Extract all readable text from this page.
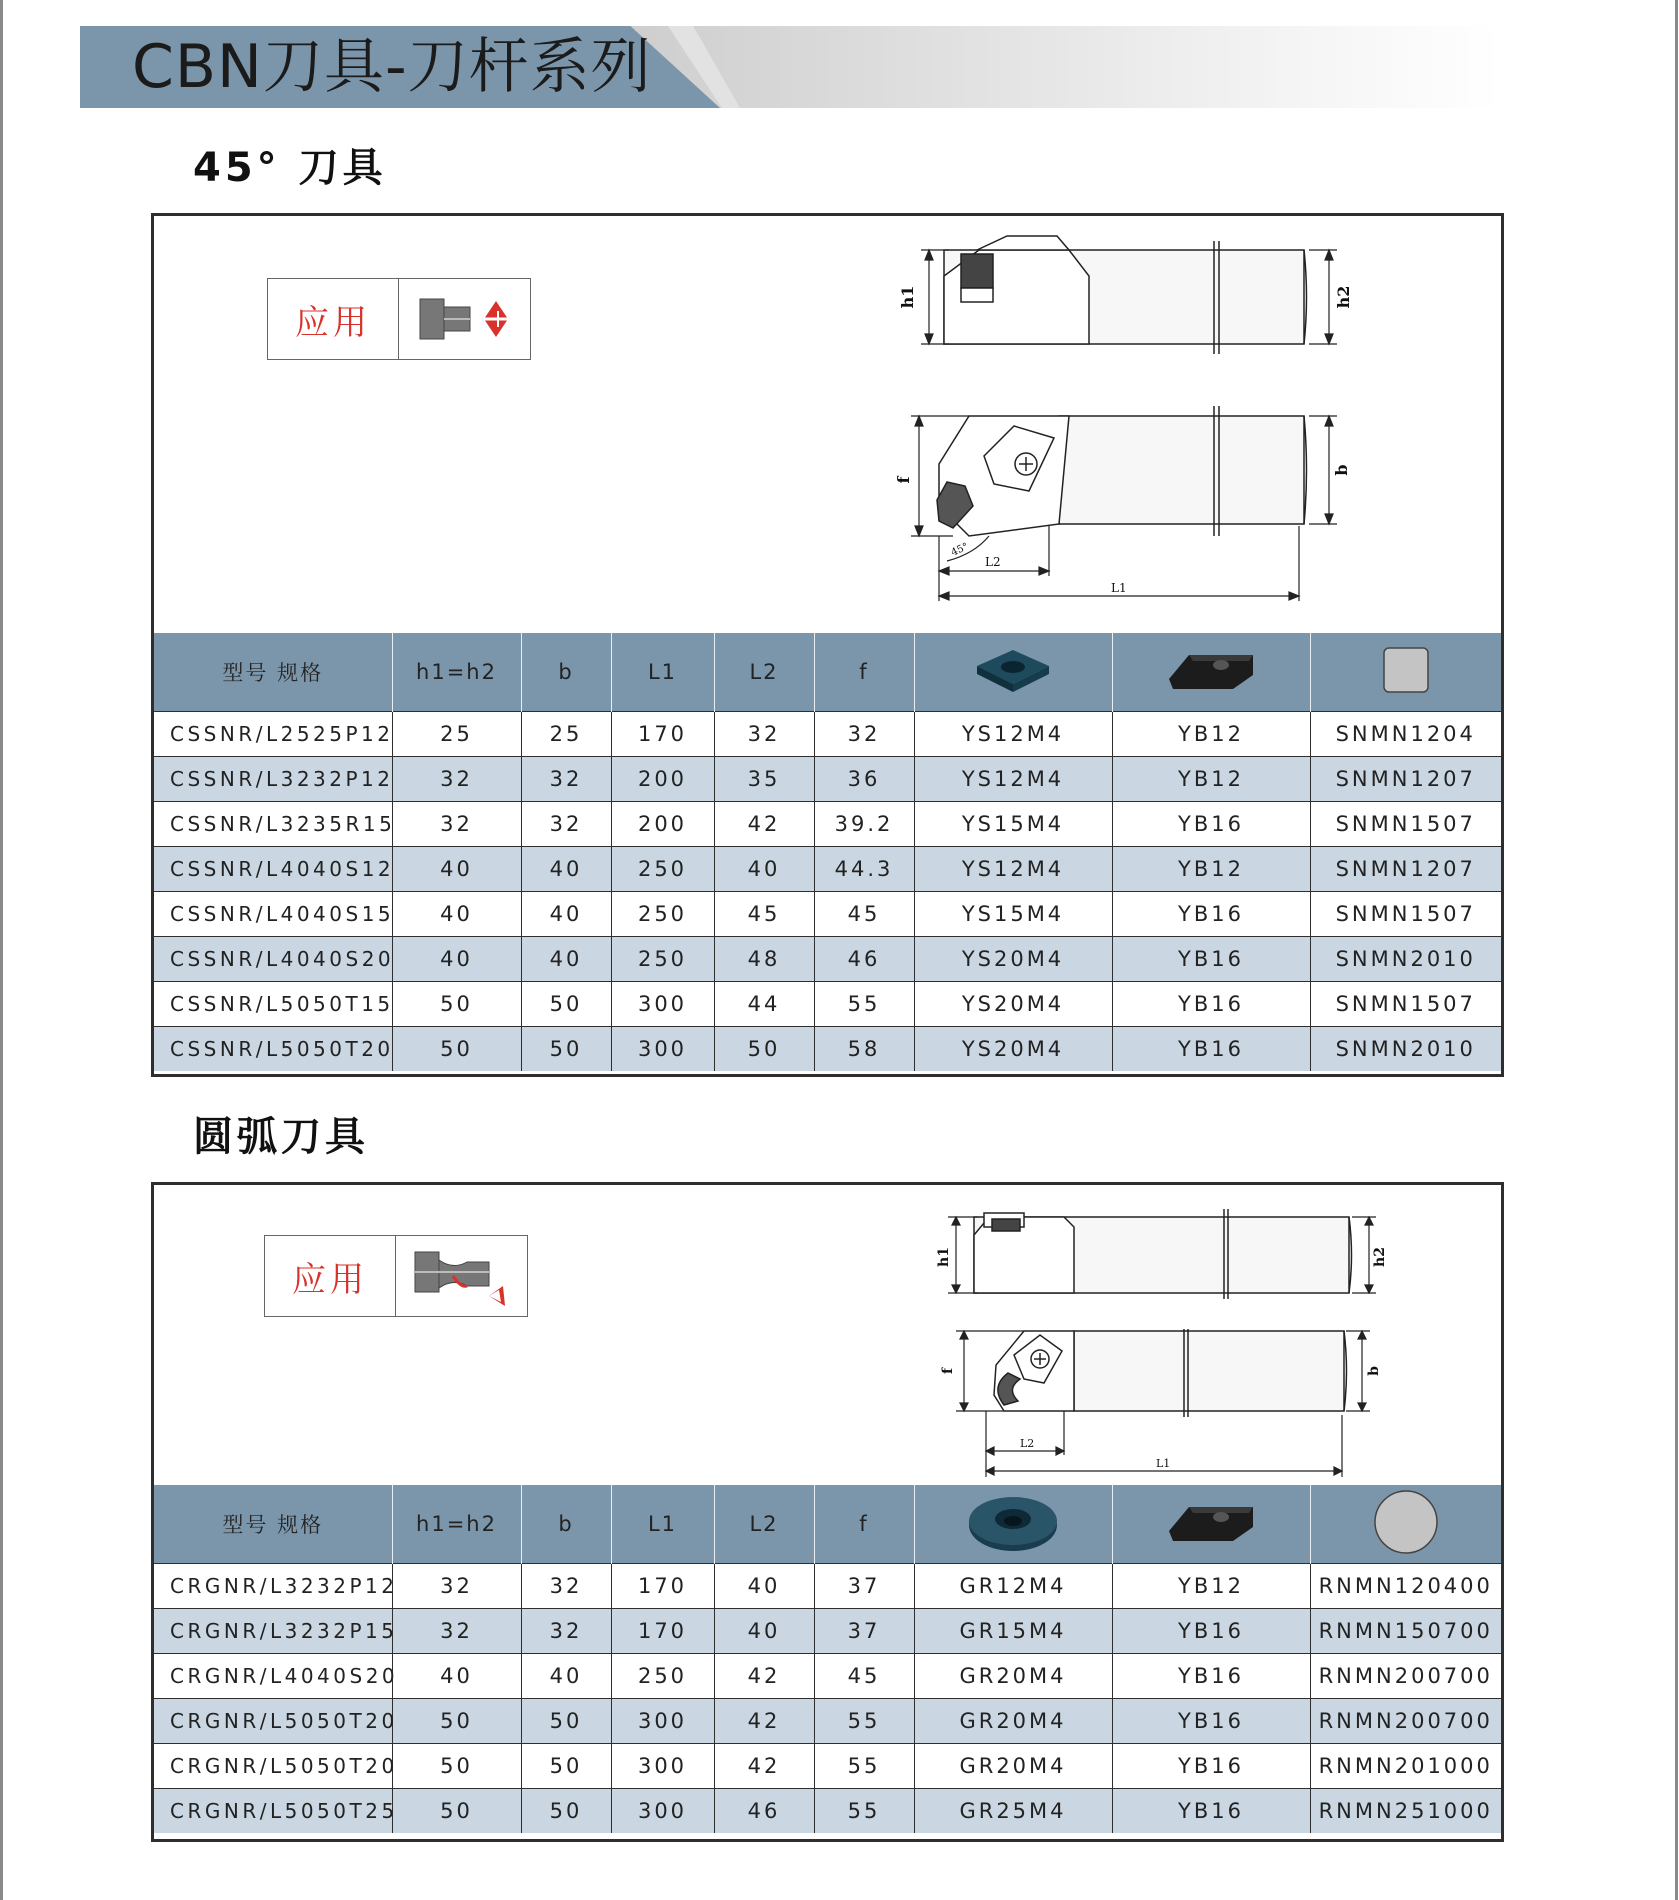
CBN刀具-刀杆系列
45° 刀具
应用
h1	h2
f
b
45°
L2
L1
型号 规格	h1=h2	b	L1	L2	f			
CSSNR/L2525P12	25	25	170	32	32	YS12M4	YB12	SNMN1204
CSSNR/L3232P12	32	32	200	35	36	YS12M4	YB12	SNMN1207
CSSNR/L3235R15	32	32	200	42	39.2	YS15M4	YB16	SNMN1507
CSSNR/L4040S12	40	40	250	40	44.3	YS12M4	YB12	SNMN1207
CSSNR/L4040S15	40	40	250	45	45	YS15M4	YB16	SNMN1507
CSSNR/L4040S20	40	40	250	48	46	YS20M4	YB16	SNMN2010
CSSNR/L5050T15	50	50	300	44	55	YS20M4	YB16	SNMN1507
CSSNR/L5050T20	50	50	300	50	58	YS20M4	YB16	SNMN2010
圆弧刀具
应用
h1	h2
f	b
L2
L1
型号 规格	h1=h2	b	L1	L2	f			
CRGNR/L3232P12	32	32	170	40	37	GR12M4	YB12	RNMN120400
CRGNR/L3232P15	32	32	170	40	37	GR15M4	YB16	RNMN150700
CRGNR/L4040S20	40	40	250	42	45	GR20M4	YB16	RNMN200700
CRGNR/L5050T20	50	50	300	42	55	GR20M4	YB16	RNMN200700
CRGNR/L5050T20	50	50	300	42	55	GR20M4	YB16	RNMN201000
CRGNR/L5050T25	50	50	300	46	55	GR25M4	YB16	RNMN251000
